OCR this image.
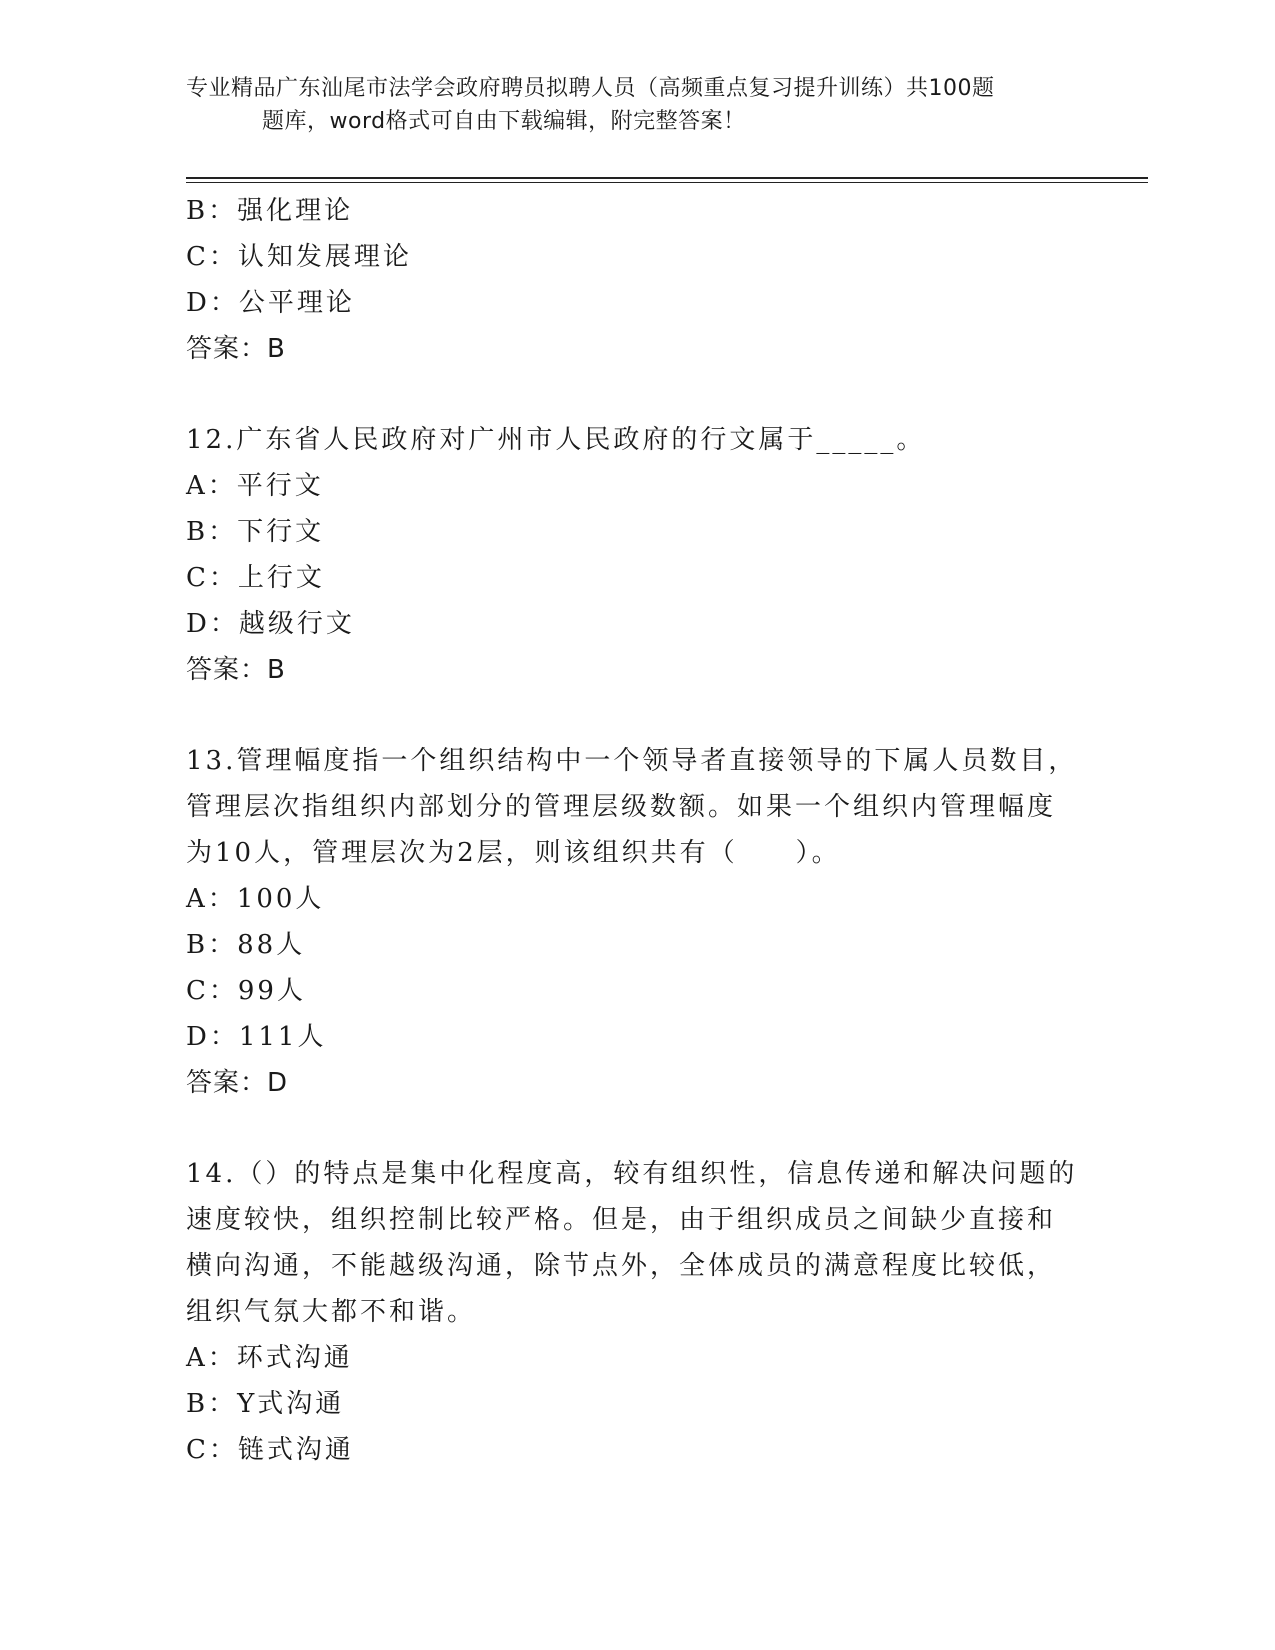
专业精品广东汕尾市法学会政府聘员拟聘人员（高频重点复习提升训练）共100题
题库，word格式可自由下载编辑，附完整答案！
B：强化理论
C：认知发展理论
D：公平理论
答案：B
12.广东省人民政府对广州市人民政府的行文属于_____。
A：平行文
B：下行文
C：上行文
D：越级行文
答案：B
13.管理幅度指一个组织结构中一个领导者直接领导的下属人员数目，
管理层次指组织内部划分的管理层级数额。如果一个组织内管理幅度
为10人，管理层次为2层，则该组织共有（　　）。
A：100人
B：88人
C：99人
D：111人
答案：D
14.（）的特点是集中化程度高，较有组织性，信息传递和解决问题的
速度较快，组织控制比较严格。但是，由于组织成员之间缺少直接和
横向沟通，不能越级沟通，除节点外，全体成员的满意程度比较低，
组织气氛大都不和谐。
A：环式沟通
B：Y式沟通
C：链式沟通
